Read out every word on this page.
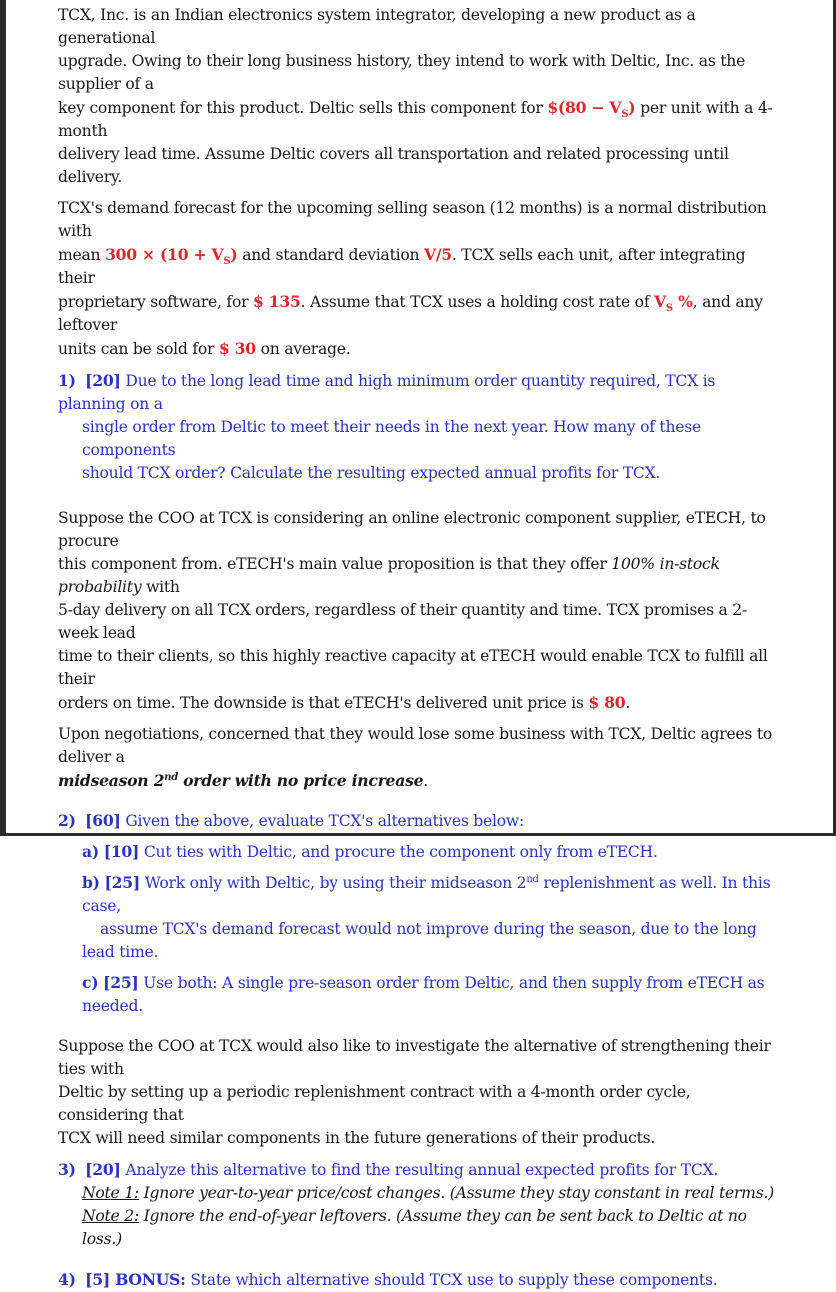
TCX, Inc. is an Indian electronics system integrator, developing a new product as a generational

upgrade. Owing to their long business history, they intend to work with Deltic, Inc. as the supplier of a

key component for this product. Deltic sells this component for $(80 − $V_S$) per unit with a 4-month

delivery lead time. Assume Deltic covers all transportation and related processing until delivery.

TCX's demand forecast for the upcoming selling season (12 months) is a normal distribution with

mean $300 \times (10 + V_S)$ and standard deviation V/5. TCX sells each unit, after integrating their

proprietary software, for $ 135. Assume that TCX uses a holding cost rate of $V_S$ %, and any leftover

units can be sold for $ 30 on average.

1) [20] Due to the long lead time and high minimum order quantity required, TCX is planning on a
single order from Deltic to meet their needs in the next year. How many of these components
should TCX order? Calculate the resulting expected annual profits for TCX.

Suppose the COO at TCX is considering an online electronic component supplier, eTECH, to procure

this component from. eTECH's main value proposition is that they offer 100% in-stock probability with

5-day delivery on all TCX orders, regardless of their quantity and time. TCX promises a 2-week lead

time to their clients, so this highly reactive capacity at eTECH would enable TCX to fulfill all their

orders on time. The downside is that eTECH's delivered unit price is $ 80.

Upon negotiations, concerned that they would lose some business with TCX, Deltic agrees to deliver a

midseason 2nd order with no price increase.

2) [60] Given the above, evaluate TCX's alternatives below:
a) [10] Cut ties with Deltic, and procure the component only from eTECH.
b) [25] Work only with Deltic, by using their midseason 2nd replenishment as well. In this case,
assume TCX's demand forecast would not improve during the season, due to the long lead time.
c) [25] Use both: A single pre-season order from Deltic, and then supply from eTECH as needed.

Suppose the COO at TCX would also like to investigate the alternative of strengthening their ties with

Deltic by setting up a periodic replenishment contract with a 4-month order cycle, considering that

TCX will need similar components in the future generations of their products.

3) [20] Analyze this alternative to find the resulting annual expected profits for TCX.

Note 1: Ignore year-to-year price/cost changes. (Assume they stay constant in real terms.)

Note 2: Ignore the end-of-year leftovers. (Assume they can be sent back to Deltic at no loss.)

4) [5] BONUS: State which alternative should TCX use to supply these components.
